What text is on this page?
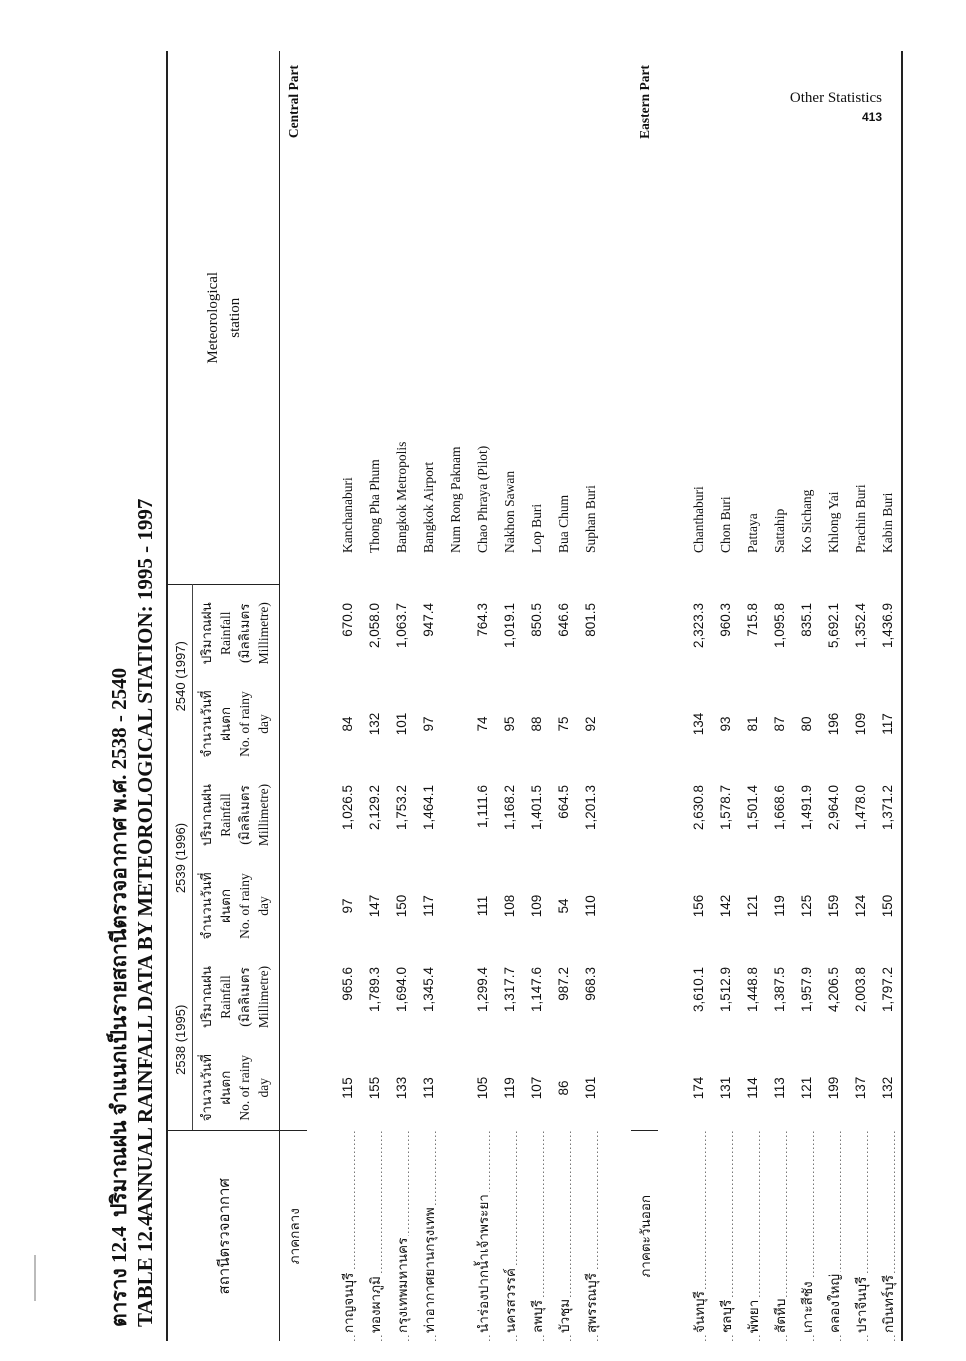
Other Statistics
413
ตาราง 12.4ปริมาณฝน จำแนกเป็นรายสถานีตรวจอากาศ พ.ศ. 2538 - 2540
TABLE 12.4ANNUAL RAINFALL DATA BY METEOROLOGICAL STATION: 1995 - 1997
สถานีตรวจอากาศ	2538 (1995)		2539 (1996)		2540 (1997)		Meteorological station	

	จำนวนวันที่ ฝนตก No. of rainy day	ปริมาณฝน Rainfall (มิลลิเมตร Millimetre)	จำนวนวันที่ ฝนตก No. of rainy day	ปริมาณฝน Rainfall (มิลลิเมตร Millimetre)	จำนวนวันที่ ฝนตก No. of rainy day	ปริมาณฝน Rainfall (มิลลิเมตร Millimetre)		

ภาคกลาง								Central Part

กาญจนบุรี	115	965.6	97	1,026.5	84	670.0		Kanchanaburi
ทองผาภูมิ	155	1,789.3	147	2,129.2	132	2,058.0		Thong Pha Phum
กรุงเทพมหานคร	133	1,694.0	150	1,753.2	101	1,063.7		Bangkok Metropolis
ท่าอากาศยานกรุงเทพ	113	1,345.4	117	1,464.1	97	947.4		Bangkok Airport
								Num Rong Paknam
นำร่องปากน้ำเจ้าพระยา	105	1,299.4	111	1,111.6	74	764.3		Chao Phraya (Pilot)
นครสวรรค์	119	1,317.7	108	1,168.2	95	1,019.1		Nakhon Sawan
ลพบุรี	107	1,147.6	109	1,401.5	88	850.5		Lop Buri
บัวชุม	86	987.2	54	664.5	75	646.6		Bua Chum
สุพรรณบุรี	101	968.3	110	1,201.3	92	801.5		Suphan Buri

ภาคตะวันออก								Eastern Part

จันทบุรี	174	3,610.1	156	2,630.8	134	2,323.3		Chanthaburi
ชลบุรี	131	1,512.9	142	1,578.7	93	960.3		Chon Buri
พัทยา	114	1,448.8	121	1,501.4	81	715.8		Pattaya
สัตหีบ	113	1,387.5	119	1,668.6	87	1,095.8		Sattahip
เกาะสีชัง	121	1,957.9	125	1,491.9	80	835.1		Ko Sichang
คลองใหญ่	199	4,206.5	159	2,964.0	196	5,692.1		Khlong Yai
ปราจีนบุรี	137	2,003.8	124	1,478.0	109	1,352.4		Prachin Buri
กบินทร์บุรี	132	1,797.2	150	1,371.2	117	1,436.9		Kabin Buri
